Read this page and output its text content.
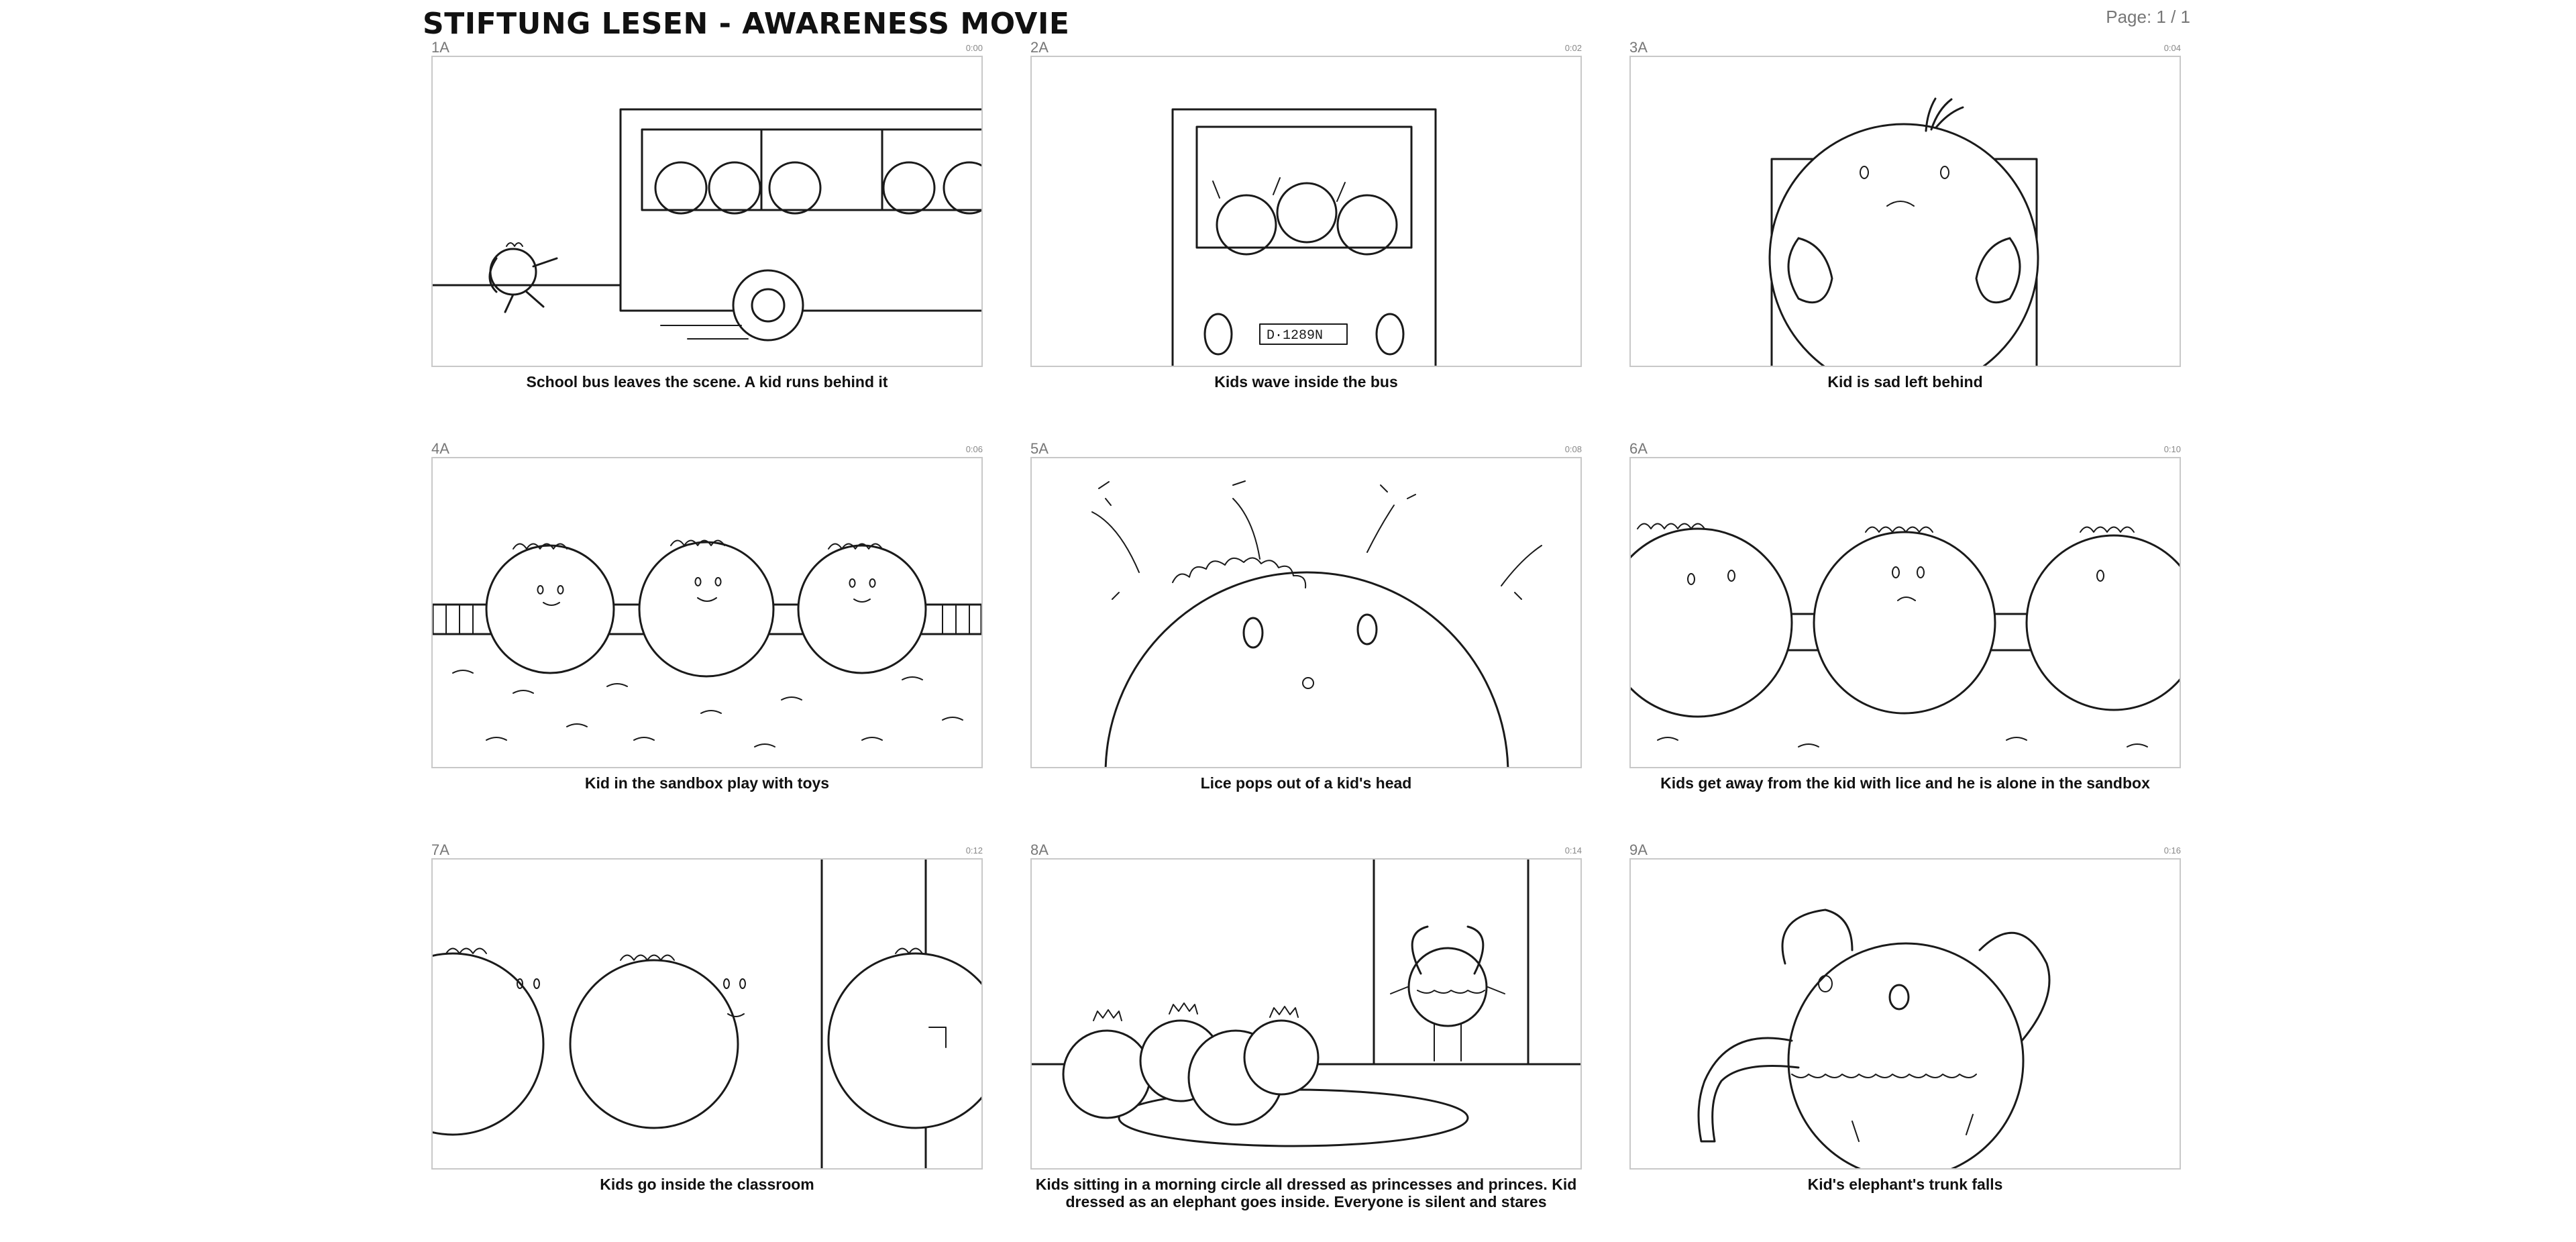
STIFTUNG LESEN - AWARENESS MOVIE	Page: 1 / 1
1A	0:00
School bus leaves the scene. A kid runs behind it
2A	0:02
D·1289N
Kids wave inside the bus
3A	0:04
Kid is sad left behind
4A	0:06
Kid in the sandbox play with toys
5A	0:08
Lice pops out of a kid's head
6A	0:10
Kids get away from the kid with lice and he is alone in the sandbox
7A	0:12
Kids go inside the classroom
8A	0:14
Kids sitting in a morning circle all dressed as princesses and princes. Kid dressed as an elephant goes inside. Everyone is silent and stares
9A	0:16
Kid's elephant's trunk falls
